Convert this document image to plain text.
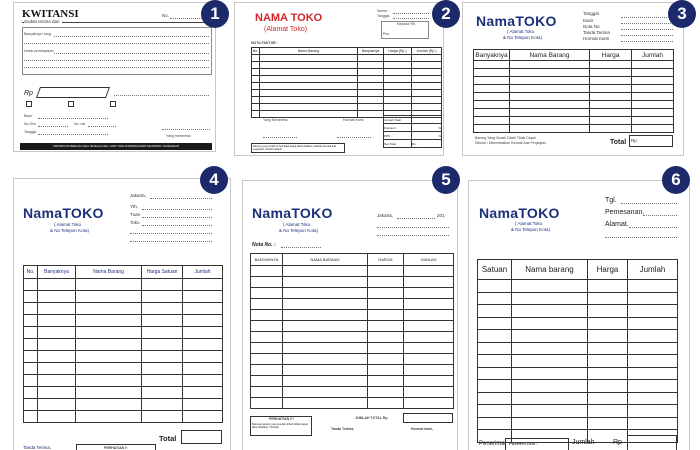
KWITANSI	No.
Sudah terima dari
Banyaknya Uang
Untuk pembayaran
Rp
Bank
No.Giro	No. rek
Tanggal
Yang menerima
KWITANSI INI BERLAKU SAH, SETELAH CEK / GIRO YANG DITERIMA DAPAT DICAIRKAN / DIUANGKAN
1	NAMA TOKO
(Alamat Toko)
Nomor :
Tanggal :
Kepada Yth.
Pen.
NOTA FAKTUR :
No.	Nama Barang	Banyaknya	Harga (Rp.)	Jumlah (Rp.)

Yang Menerima	Hormat Kami	Jumlah Total	
Discount	%
PPN	%
Net Total	Rp.
Barang yang sudah di beli tidak dapat dikembalikan / ditukar kecuali ada perjanjian terlebih dahulu
2	NamaTOKO
( Alamat Toko
& No Telepon Kota)
Tanggal
Kasir
Nota No
Tanda Terima
Hormat Kami
Banyaknya	Nama Barang	Harga	Jumlah

Barang Yang Sudah Dibeli Tidak Dapat
Ditukar / Dikembalikan Kecuali Ada Perjanjian	Total Rp
3
NamaTOKO
( Alamat Toko
& No Telepon Kota)
Jakarta,
Yth,
Tuan
Toko
No.	Banyaknya	Nama Barang	Harga Satuan	Jumlah

Total
Tanda Terima,	PERHATIAN !!
4
NamaTOKO
( Alamat Toko
& No Telepon Kota)
Jakarta,	201
Nota No. :
BANYAKNYA	NAMA BARANG	HARGA	JUMLAH

JUMLAH TOTAL Rp.
PERHATIAN !!!
Barang-barang yang sudah dibeli tidak dapat dikembalikan / ditukar	Tanda Terima,	Hormat kami,
5
NamaTOKO
( Alamat Toko
& No Telepon Kota)
Tgl.
Pemesanan.
Alamat.
Satuan	Nama barang	Harga	Jumlah

Penerima, PERHATIAN :	Jumlah	Rp
6
